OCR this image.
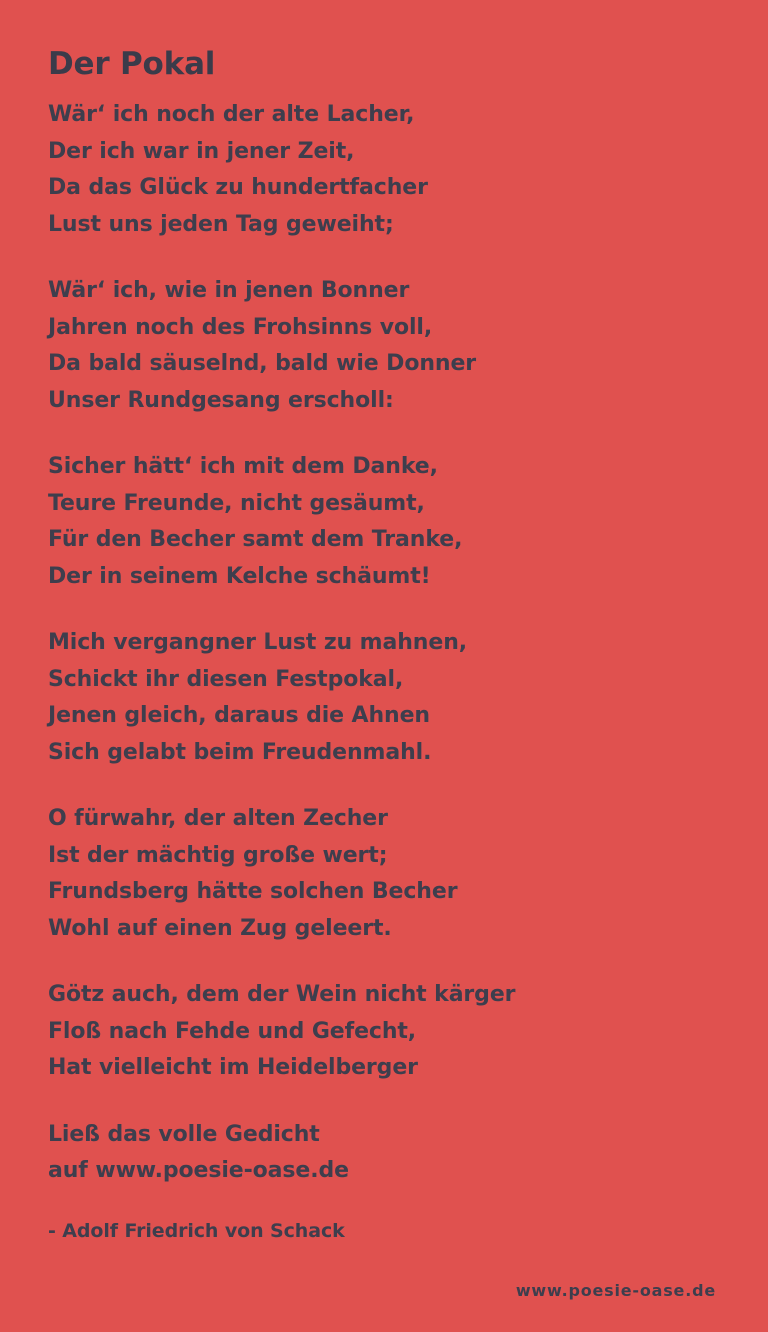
Der Pokal
Wär‘ ich noch der alte Lacher,
Der ich war in jener Zeit,
Da das Glück zu hundertfacher
Lust uns jeden Tag geweiht;
Wär‘ ich, wie in jenen Bonner
Jahren noch des Frohsinns voll,
Da bald säuselnd, bald wie Donner
Unser Rundgesang erscholl:
Sicher hätt‘ ich mit dem Danke,
Teure Freunde, nicht gesäumt,
Für den Becher samt dem Tranke,
Der in seinem Kelche schäumt!
Mich vergangner Lust zu mahnen,
Schickt ihr diesen Festpokal,
Jenen gleich, daraus die Ahnen
Sich gelabt beim Freudenmahl.
O fürwahr, der alten Zecher
Ist der mächtig große wert;
Frundsberg hätte solchen Becher
Wohl auf einen Zug geleert.
Götz auch, dem der Wein nicht kärger
Floß nach Fehde und Gefecht,
Hat vielleicht im Heidelberger
Ließ das volle Gedicht
auf www.poesie-oase.de
- Adolf Friedrich von Schack
www.poesie-oase.de
